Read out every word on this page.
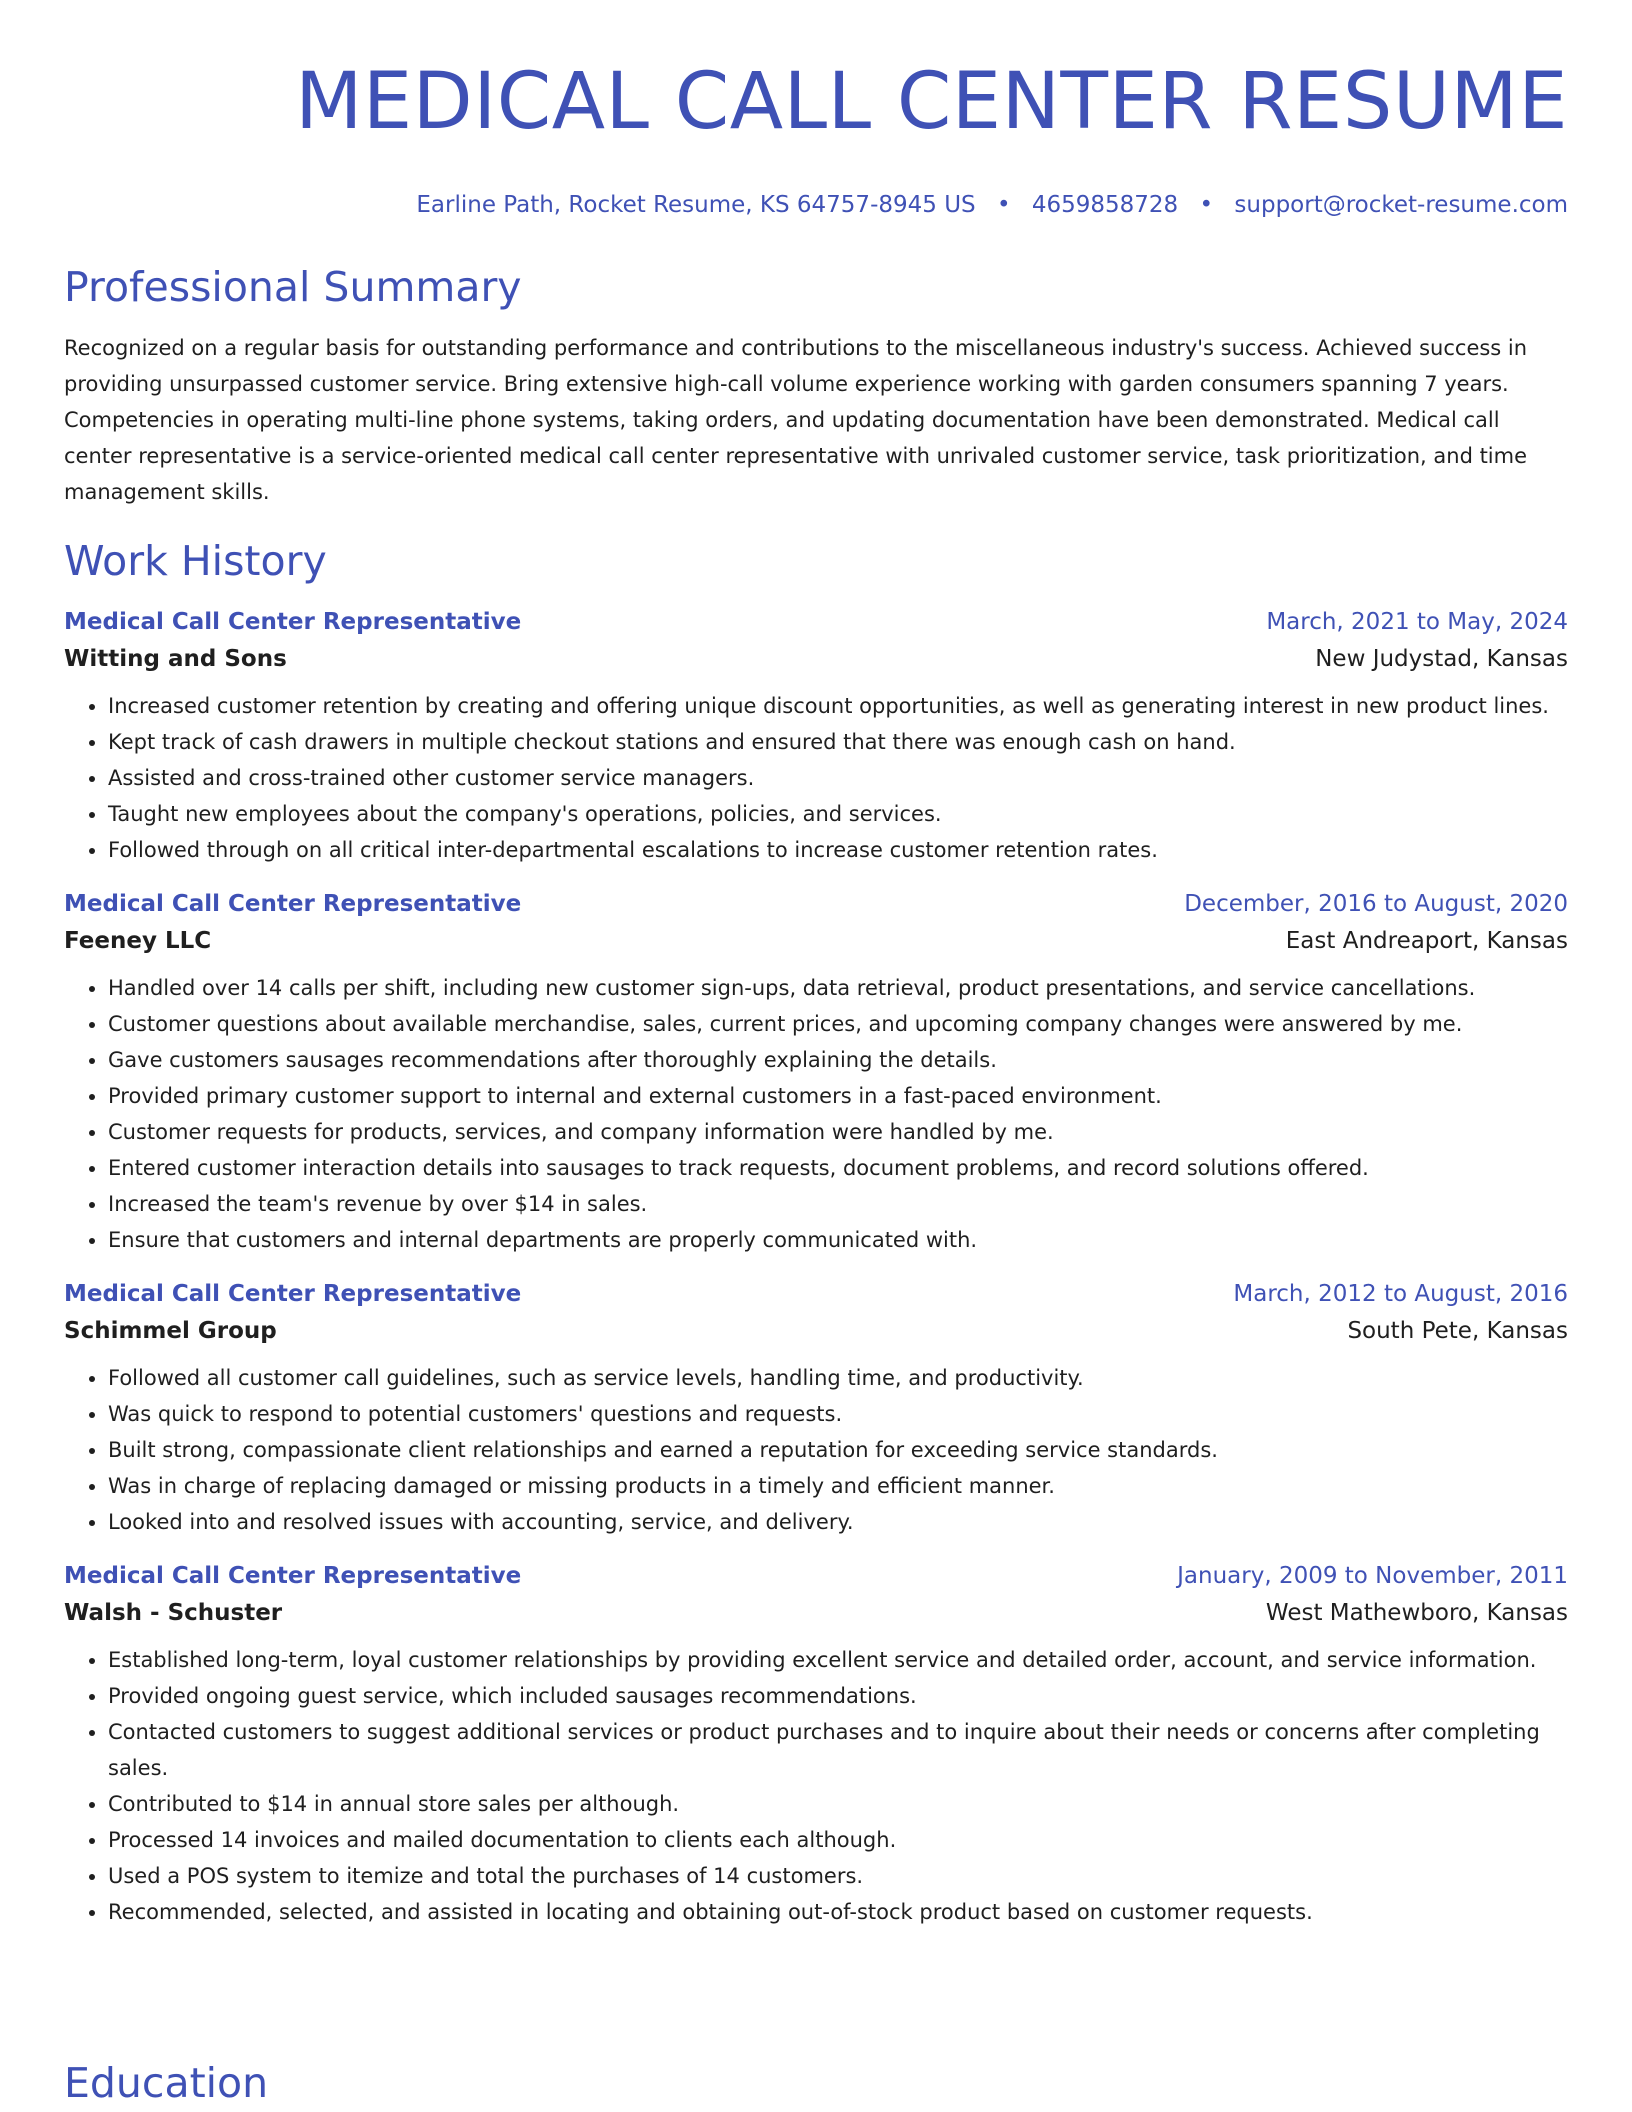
MEDICAL CALL CENTER RESUME
Earline Path, Rocket Resume, KS 64757-8945 US • 4659858728 • support@rocket-resume.com
Professional Summary

Recognized on a regular basis for outstanding performance and contributions to the miscellaneous industry's success. Achieved success in providing unsurpassed customer service. Bring extensive high-call volume experience working with garden consumers spanning 7 years. Competencies in operating multi-line phone systems, taking orders, and updating documentation have been demonstrated. Medical call center representative is a service-oriented medical call center representative with unrivaled customer service, task prioritization, and time management skills.

Work History
Medical Call Center Representative	March, 2021 to May, 2024
Witting and Sons	New Judystad, Kansas
• Increased customer retention by creating and offering unique discount opportunities, as well as generating interest in new product lines.
• Kept track of cash drawers in multiple checkout stations and ensured that there was enough cash on hand.
• Assisted and cross-trained other customer service managers.
• Taught new employees about the company's operations, policies, and services.
• Followed through on all critical inter-departmental escalations to increase customer retention rates.
Medical Call Center Representative	December, 2016 to August, 2020
Feeney LLC	East Andreaport, Kansas
• Handled over 14 calls per shift, including new customer sign-ups, data retrieval, product presentations, and service cancellations.
• Customer questions about available merchandise, sales, current prices, and upcoming company changes were answered by me.
• Gave customers sausages recommendations after thoroughly explaining the details.
• Provided primary customer support to internal and external customers in a fast-paced environment.
• Customer requests for products, services, and company information were handled by me.
• Entered customer interaction details into sausages to track requests, document problems, and record solutions offered.
• Increased the team's revenue by over $14 in sales.
• Ensure that customers and internal departments are properly communicated with.
Medical Call Center Representative	March, 2012 to August, 2016
Schimmel Group	South Pete, Kansas
• Followed all customer call guidelines, such as service levels, handling time, and productivity.
• Was quick to respond to potential customers' questions and requests.
• Built strong, compassionate client relationships and earned a reputation for exceeding service standards.
• Was in charge of replacing damaged or missing products in a timely and efficient manner.
• Looked into and resolved issues with accounting, service, and delivery.
Medical Call Center Representative	January, 2009 to November, 2011
Walsh - Schuster	West Mathewboro, Kansas
• Established long-term, loyal customer relationships by providing excellent service and detailed order, account, and service information.
• Provided ongoing guest service, which included sausages recommendations.
• Contacted customers to suggest additional services or product purchases and to inquire about their needs or concerns after completing sales.
• Contributed to $14 in annual store sales per although.
• Processed 14 invoices and mailed documentation to clients each although.
• Used a POS system to itemize and total the purchases of 14 customers.
• Recommended, selected, and assisted in locating and obtaining out-of-stock product based on customer requests.
Education
